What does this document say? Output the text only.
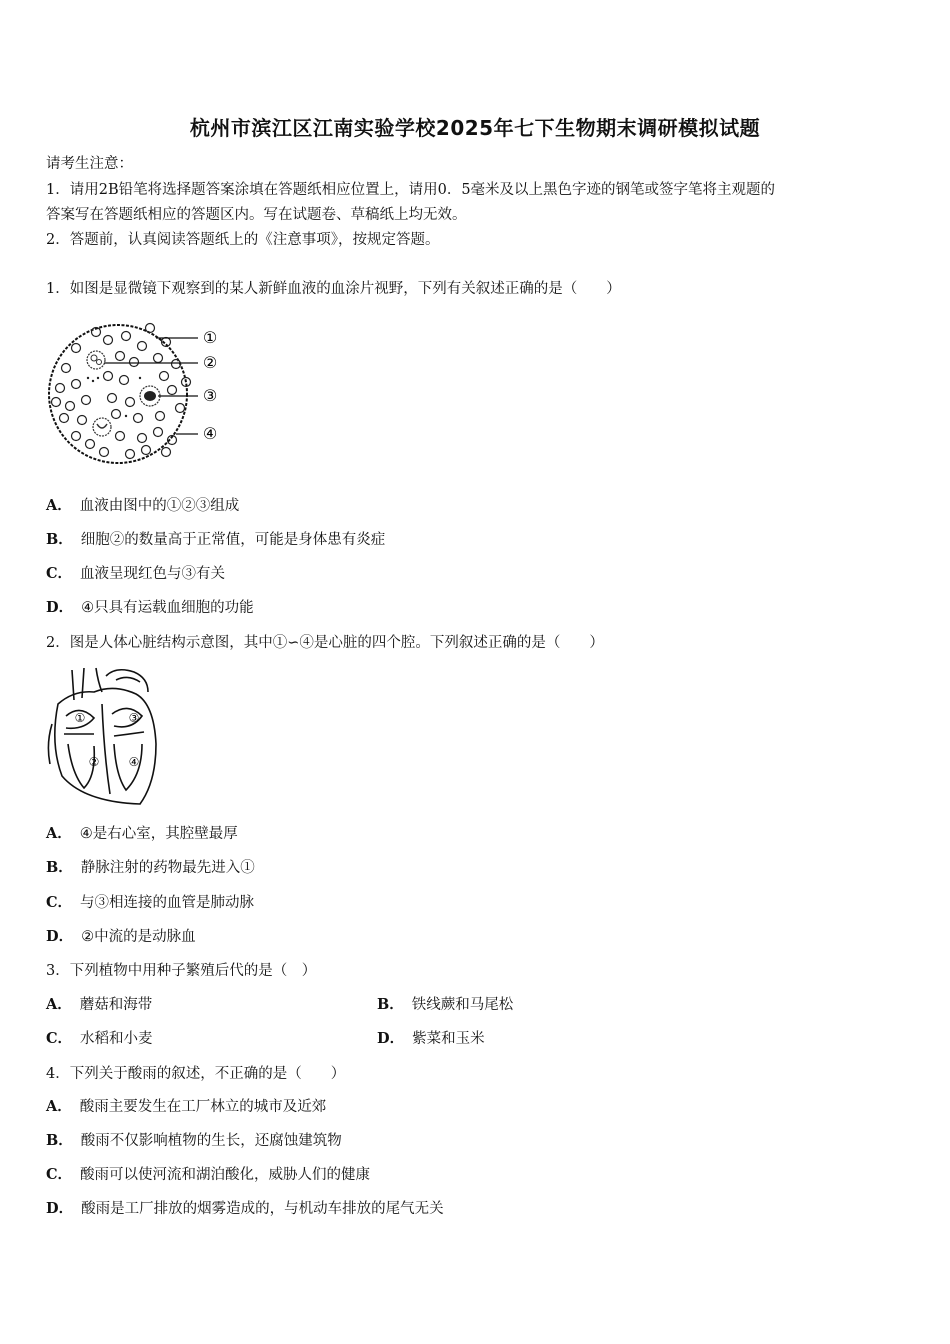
杭州市滨江区江南实验学校2025年七下生物期末调研模拟试题
请考生注意：
1．请用2B铅笔将选择题答案涂填在答题纸相应位置上，请用0．5毫米及以上黑色字迹的钢笔或签字笔将主观题的
答案写在答题纸相应的答题区内。写在试题卷、草稿纸上均无效。
2．答题前，认真阅读答题纸上的《注意事项》，按规定答题。
1．如图是显微镜下观察到的某人新鲜血液的血涂片视野，下列有关叙述正确的是（　　）
①
②
③
④
A． 血液由图中的①②③组成
B． 细胞②的数量高于正常值，可能是身体患有炎症
C． 血液呈现红色与③有关
D． ④只具有运载血细胞的功能
2．图是人体心脏结构示意图，其中①∽④是心脏的四个腔。下列叙述正确的是（　　）
①
②
③
④
A． ④是右心室，其腔壁最厚
B． 静脉注射的药物最先进入①
C． 与③相连接的血管是肺动脉
D． ②中流的是动脉血
3．下列植物中用种子繁殖后代的是（　）
A． 蘑菇和海带	B． 铁线蕨和马尾松
C． 水稻和小麦	D． 紫菜和玉米
4．下列关于酸雨的叙述，不正确的是（　　）
A． 酸雨主要发生在工厂林立的城市及近郊
B． 酸雨不仅影响植物的生长，还腐蚀建筑物
C． 酸雨可以使河流和湖泊酸化，威胁人们的健康
D． 酸雨是工厂排放的烟雾造成的，与机动车排放的尾气无关
